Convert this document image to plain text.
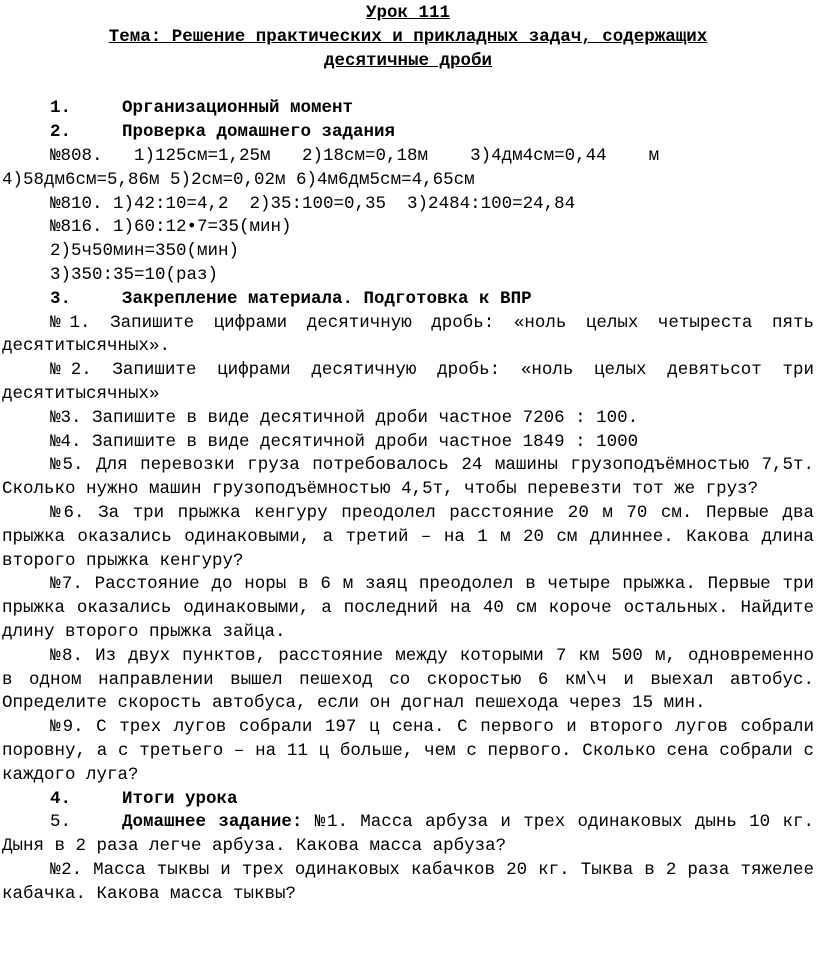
Урок 111
Тема: Решение практических и прикладных задач, содержащих
десятичные дроби
1.	Организационный момент
2.	Проверка домашнего задания
№808.   1)125см=1,25м   2)18см=0,18м    3)4дм4см=0,44    м
4)58дм6см=5,86м 5)2см=0,02м 6)4м6дм5см=4,65см
№810. 1)42:10=4,2  2)35:100=0,35  3)2484:100=24,84
№816. 1)60:12•7=35(мин)
2)5ч50мин=350(мин)
3)350:35=10(раз)
3.	Закрепление материала. Подготовка к ВПР
№1. Запишите цифрами десятичную дробь: «ноль целых четыреста пять десятитысячных».
№2. Запишите цифрами десятичную дробь: «ноль целых девятьсот три десятитысячных»
№3. Запишите в виде десятичной дроби частное 7206 : 100.
№4. Запишите в виде десятичной дроби частное 1849 : 1000
№5. Для перевозки груза потребовалось 24 машины грузоподъёмностью 7,5т. Сколько нужно машин грузоподъёмностью 4,5т, чтобы перевезти тот же груз?
№6. За три прыжка кенгуру преодолел расстояние 20 м 70 см. Первые два прыжка оказались одинаковыми, а третий – на 1 м 20 см длиннее. Какова длина второго прыжка кенгуру?
№7. Расстояние до норы в 6 м заяц преодолел в четыре прыжка. Первые три прыжка оказались одинаковыми, а последний на 40 см короче остальных. Найдите длину второго прыжка зайца.
№8. Из двух пунктов, расстояние между которыми 7 км 500 м, одновременно в одном направлении вышел пешеход со скоростью 6 км\ч и выехал автобус. Определите скорость автобуса, если он догнал пешехода через 15 мин.
№9. С трех лугов собрали 197 ц сена. С первого и второго лугов собрали поровну, а с третьего – на 11 ц больше, чем с первого. Сколько сена собрали с каждого луга?
4.	Итоги урока
5.	Домашнее задание: №1. Масса арбуза и трех одинаковых дынь 10 кг. Дыня в 2 раза легче арбуза. Какова масса арбуза?
№2. Масса тыквы и трех одинаковых кабачков 20 кг. Тыква в 2 раза тяжелее кабачка. Какова масса тыквы?
